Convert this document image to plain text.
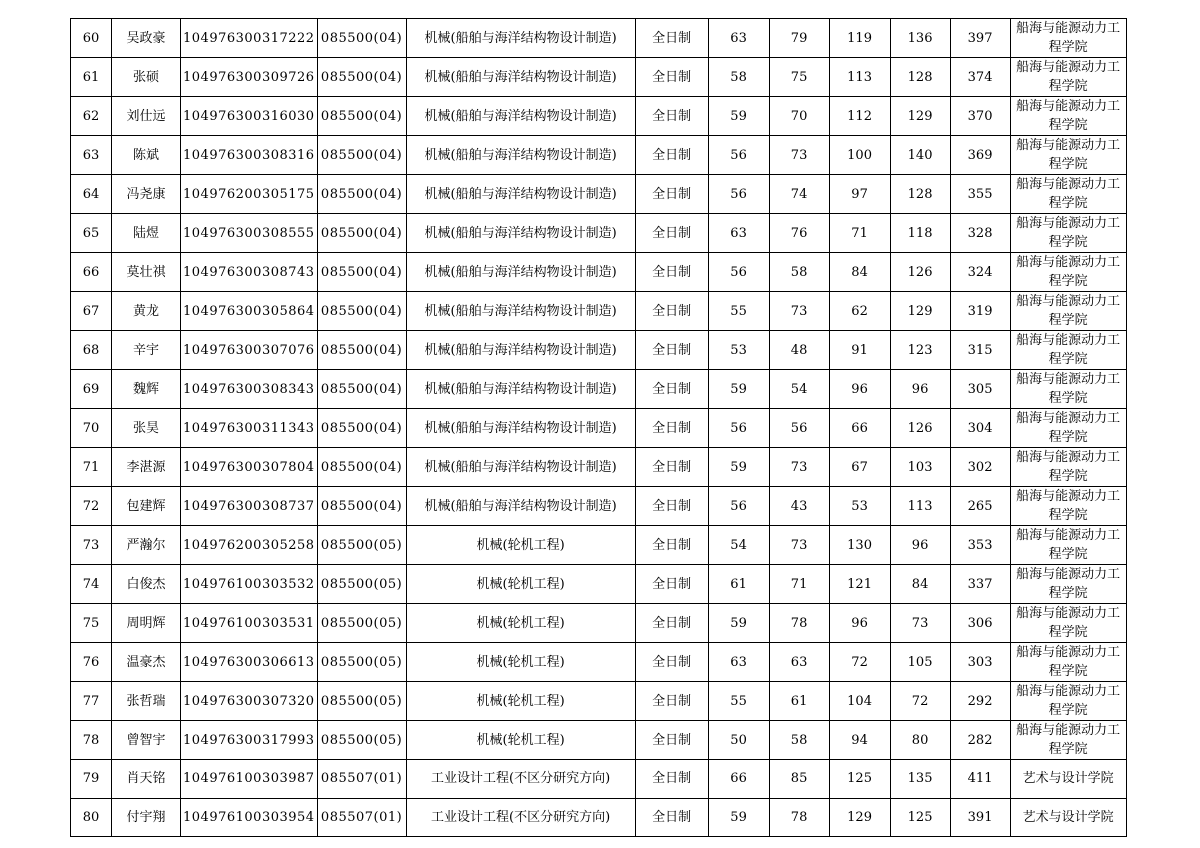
60	吴政豪	104976300317222	085500(04)	机械(船舶与海洋结构物设计制造)	全日制	63	79	119	136	397	船海与能源动力工程学院
61	张硕	104976300309726	085500(04)	机械(船舶与海洋结构物设计制造)	全日制	58	75	113	128	374	船海与能源动力工程学院
62	刘仕远	104976300316030	085500(04)	机械(船舶与海洋结构物设计制造)	全日制	59	70	112	129	370	船海与能源动力工程学院
63	陈斌	104976300308316	085500(04)	机械(船舶与海洋结构物设计制造)	全日制	56	73	100	140	369	船海与能源动力工程学院
64	冯尧康	104976200305175	085500(04)	机械(船舶与海洋结构物设计制造)	全日制	56	74	97	128	355	船海与能源动力工程学院
65	陆煜	104976300308555	085500(04)	机械(船舶与海洋结构物设计制造)	全日制	63	76	71	118	328	船海与能源动力工程学院
66	莫壮祺	104976300308743	085500(04)	机械(船舶与海洋结构物设计制造)	全日制	56	58	84	126	324	船海与能源动力工程学院
67	黄龙	104976300305864	085500(04)	机械(船舶与海洋结构物设计制造)	全日制	55	73	62	129	319	船海与能源动力工程学院
68	辛宇	104976300307076	085500(04)	机械(船舶与海洋结构物设计制造)	全日制	53	48	91	123	315	船海与能源动力工程学院
69	魏辉	104976300308343	085500(04)	机械(船舶与海洋结构物设计制造)	全日制	59	54	96	96	305	船海与能源动力工程学院
70	张昊	104976300311343	085500(04)	机械(船舶与海洋结构物设计制造)	全日制	56	56	66	126	304	船海与能源动力工程学院
71	李湛源	104976300307804	085500(04)	机械(船舶与海洋结构物设计制造)	全日制	59	73	67	103	302	船海与能源动力工程学院
72	包建辉	104976300308737	085500(04)	机械(船舶与海洋结构物设计制造)	全日制	56	43	53	113	265	船海与能源动力工程学院
73	严瀚尔	104976200305258	085500(05)	机械(轮机工程)	全日制	54	73	130	96	353	船海与能源动力工程学院
74	白俊杰	104976100303532	085500(05)	机械(轮机工程)	全日制	61	71	121	84	337	船海与能源动力工程学院
75	周明辉	104976100303531	085500(05)	机械(轮机工程)	全日制	59	78	96	73	306	船海与能源动力工程学院
76	温豪杰	104976300306613	085500(05)	机械(轮机工程)	全日制	63	63	72	105	303	船海与能源动力工程学院
77	张哲瑞	104976300307320	085500(05)	机械(轮机工程)	全日制	55	61	104	72	292	船海与能源动力工程学院
78	曾智宇	104976300317993	085500(05)	机械(轮机工程)	全日制	50	58	94	80	282	船海与能源动力工程学院
79	肖天铭	104976100303987	085507(01)	工业设计工程(不区分研究方向)	全日制	66	85	125	135	411	艺术与设计学院
80	付宇翔	104976100303954	085507(01)	工业设计工程(不区分研究方向)	全日制	59	78	129	125	391	艺术与设计学院
